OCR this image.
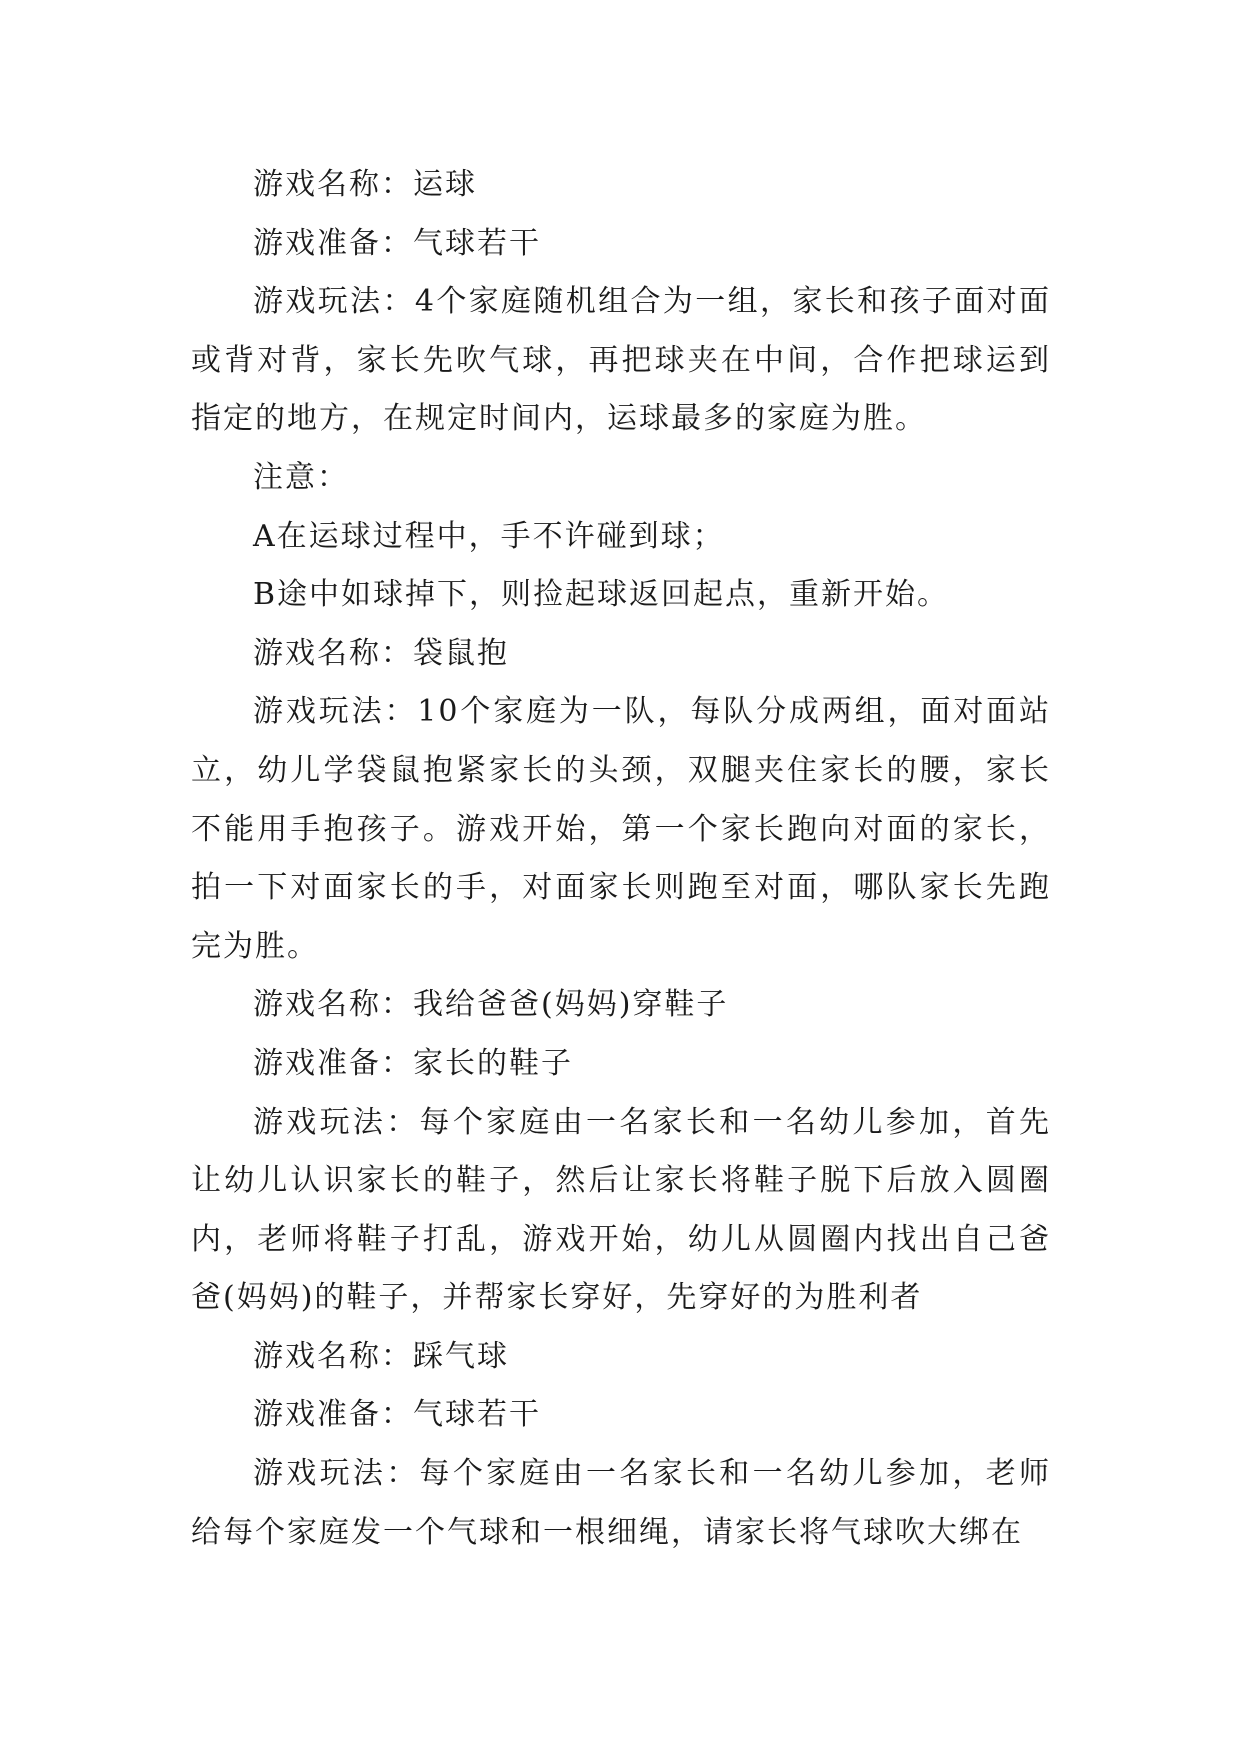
游戏名称：运球

游戏准备：气球若干

游戏玩法：4个家庭随机组合为一组，家长和孩子面对面或背对背，家长先吹气球，再把球夹在中间，合作把球运到指定的地方，在规定时间内，运球最多的家庭为胜。

注意：

A在运球过程中，手不许碰到球；

B途中如球掉下，则捡起球返回起点，重新开始。

游戏名称：袋鼠抱

游戏玩法：10个家庭为一队，每队分成两组，面对面站立，幼儿学袋鼠抱紧家长的头颈，双腿夹住家长的腰，家长不能用手抱孩子。游戏开始，第一个家长跑向对面的家长，拍一下对面家长的手，对面家长则跑至对面，哪队家长先跑完为胜。

游戏名称：我给爸爸(妈妈)穿鞋子

游戏准备：家长的鞋子

游戏玩法：每个家庭由一名家长和一名幼儿参加，首先让幼儿认识家长的鞋子，然后让家长将鞋子脱下后放入圆圈内，老师将鞋子打乱，游戏开始，幼儿从圆圈内找出自己爸爸(妈妈)的鞋子，并帮家长穿好，先穿好的为胜利者

游戏名称：踩气球

游戏准备：气球若干

游戏玩法：每个家庭由一名家长和一名幼儿参加，老师给每个家庭发一个气球和一根细绳，请家长将气球吹大绑在
